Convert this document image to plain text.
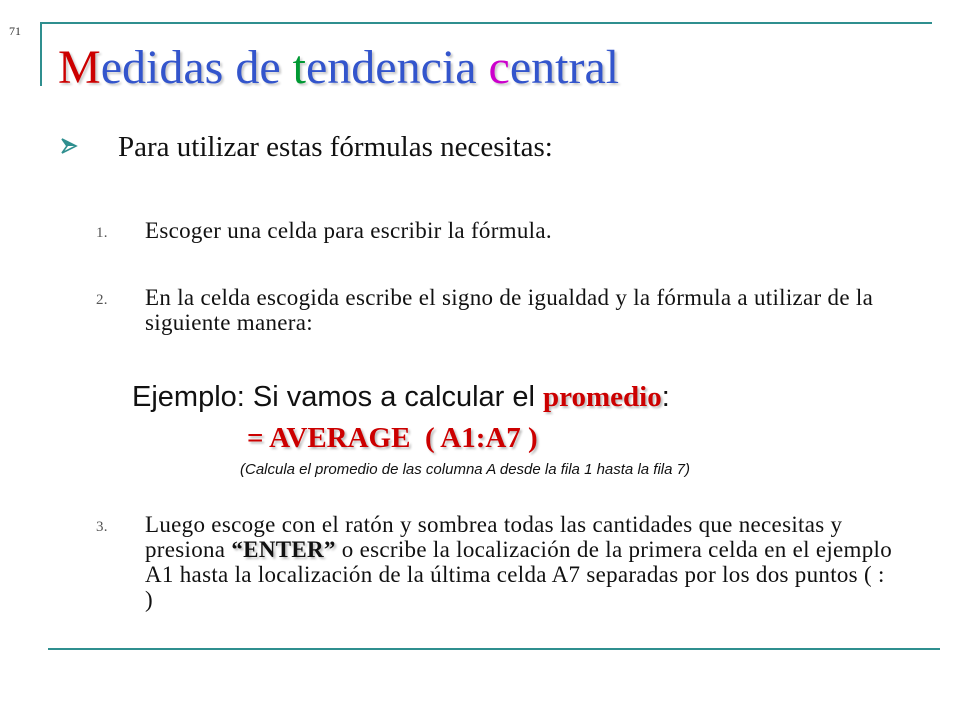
71
Medidas de tendencia central
Para utilizar estas fórmulas necesitas:
1. Escoger una celda para escribir la fórmula.
2. En la celda escogida escribe el signo de igualdad y la fórmula a utilizar de la siguiente manera:
Ejemplo: Si vamos a calcular el promedio:
= AVERAGE  ( A1:A7 )
(Calcula el promedio de las columna A desde la fila 1 hasta la fila 7)
3. Luego escoge con el ratón y sombrea todas las cantidades que necesitas y presiona “ENTER” o escribe la localización de la primera celda en el ejemplo A1 hasta la localización de la última celda A7 separadas por los dos puntos ( : )
